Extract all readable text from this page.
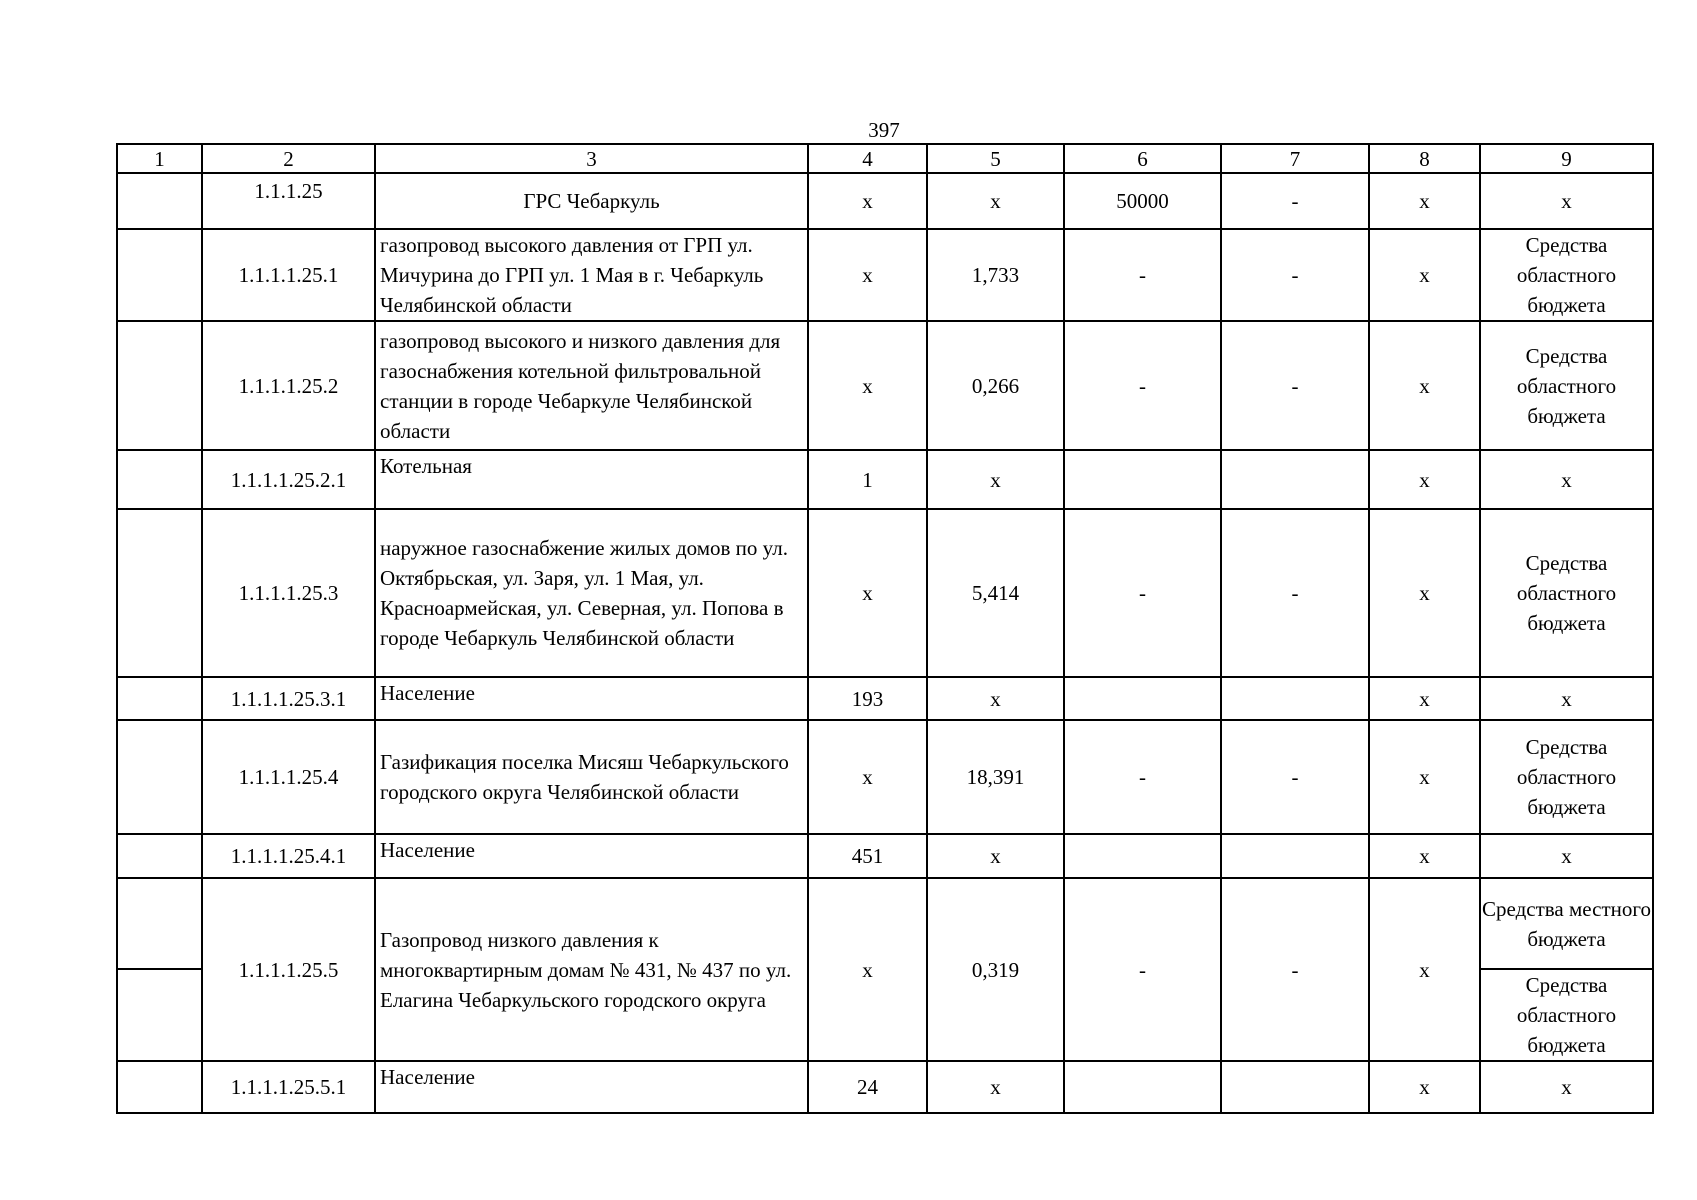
397
1	2	3	4	5	6	7	8	9
	1.1.1.25	ГРС Чебаркуль	х	х	50000	-	х	х
	1.1.1.1.25.1	газопровод высокого давления от ГРП ул. Мичурина до ГРП ул. 1 Мая в г. Чебаркуль Челябинской области	х	1,733	-	-	х	Средства областного бюджета
	1.1.1.1.25.2	газопровод высокого и низкого давления для газоснабжения котельной фильтровальной станции в городе Чебаркуле Челябинской области	х	0,266	-	-	х	Средства областного бюджета
	1.1.1.1.25.2.1	Котельная	1	х			х	х
	1.1.1.1.25.3	наружное газоснабжение жилых домов по ул. Октябрьская, ул. Заря, ул. 1 Мая, ул. Красноармейская, ул. Северная, ул. Попова в городе Чебаркуль Челябинской области	х	5,414	-	-	х	Средства областного бюджета
	1.1.1.1.25.3.1	Население	193	х			х	х
	1.1.1.1.25.4	Газификация поселка Мисяш Чебаркульского городского округа Челябинской области	х	18,391	-	-	х	Средства областного бюджета
	1.1.1.1.25.4.1	Население	451	х			х	х
	1.1.1.1.25.5	Газопровод низкого давления к многоквартирным домам № 431, № 437 по ул. Елагина Чебаркульского городского округа	х	0,319	-	-	х	Средства местного бюджета
								Средства областного бюджета
	1.1.1.1.25.5.1	Население	24	х			х	х
